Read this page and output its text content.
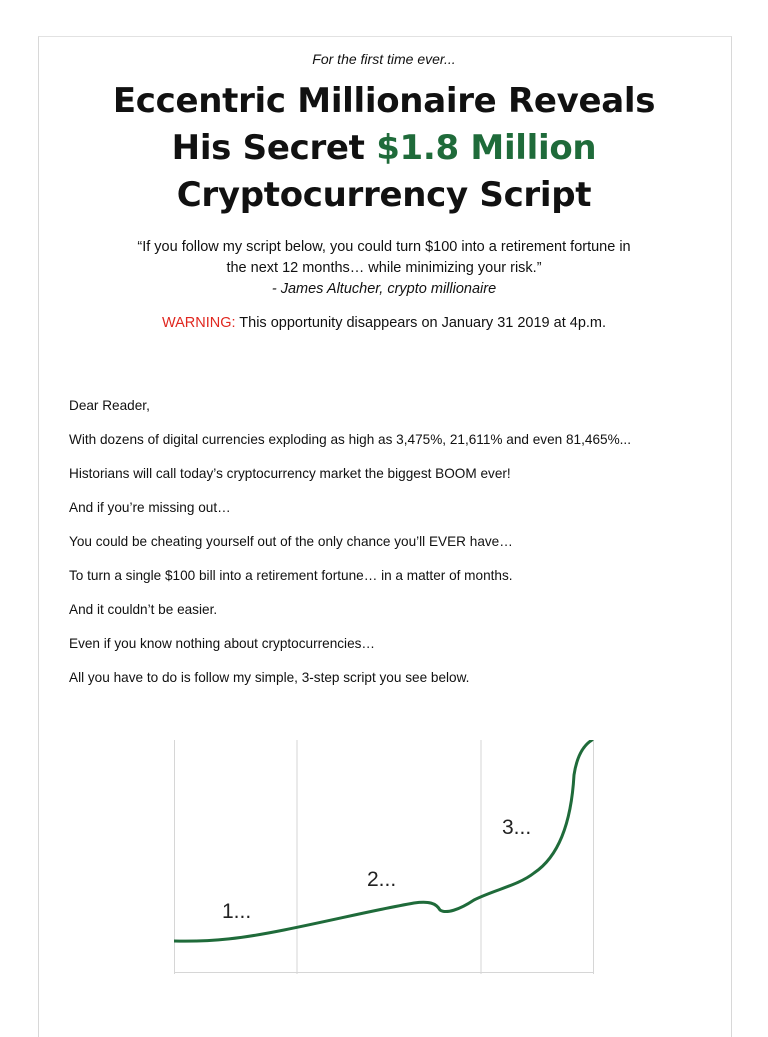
For the first time ever...
Eccentric Millionaire Reveals
His Secret $1.8 Million
Cryptocurrency Script
“If you follow my script below, you could turn $100 into a retirement fortune in
the next 12 months… while minimizing your risk.”
- James Altucher, crypto millionaire
WARNING: This opportunity disappears on January 31 2019 at 4p.m.

Dear Reader,

With dozens of digital currencies exploding as high as 3,475%, 21,611% and even 81,465%...

Historians will call today’s cryptocurrency market the biggest BOOM ever!

And if you’re missing out…

You could be cheating yourself out of the only chance you’ll EVER have…

To turn a single $100 bill into a retirement fortune… in a matter of months.

And it couldn’t be easier.

Even if you know nothing about cryptocurrencies…

All you have to do is follow my simple, 3-step script you see below.

1...
2...
3...
